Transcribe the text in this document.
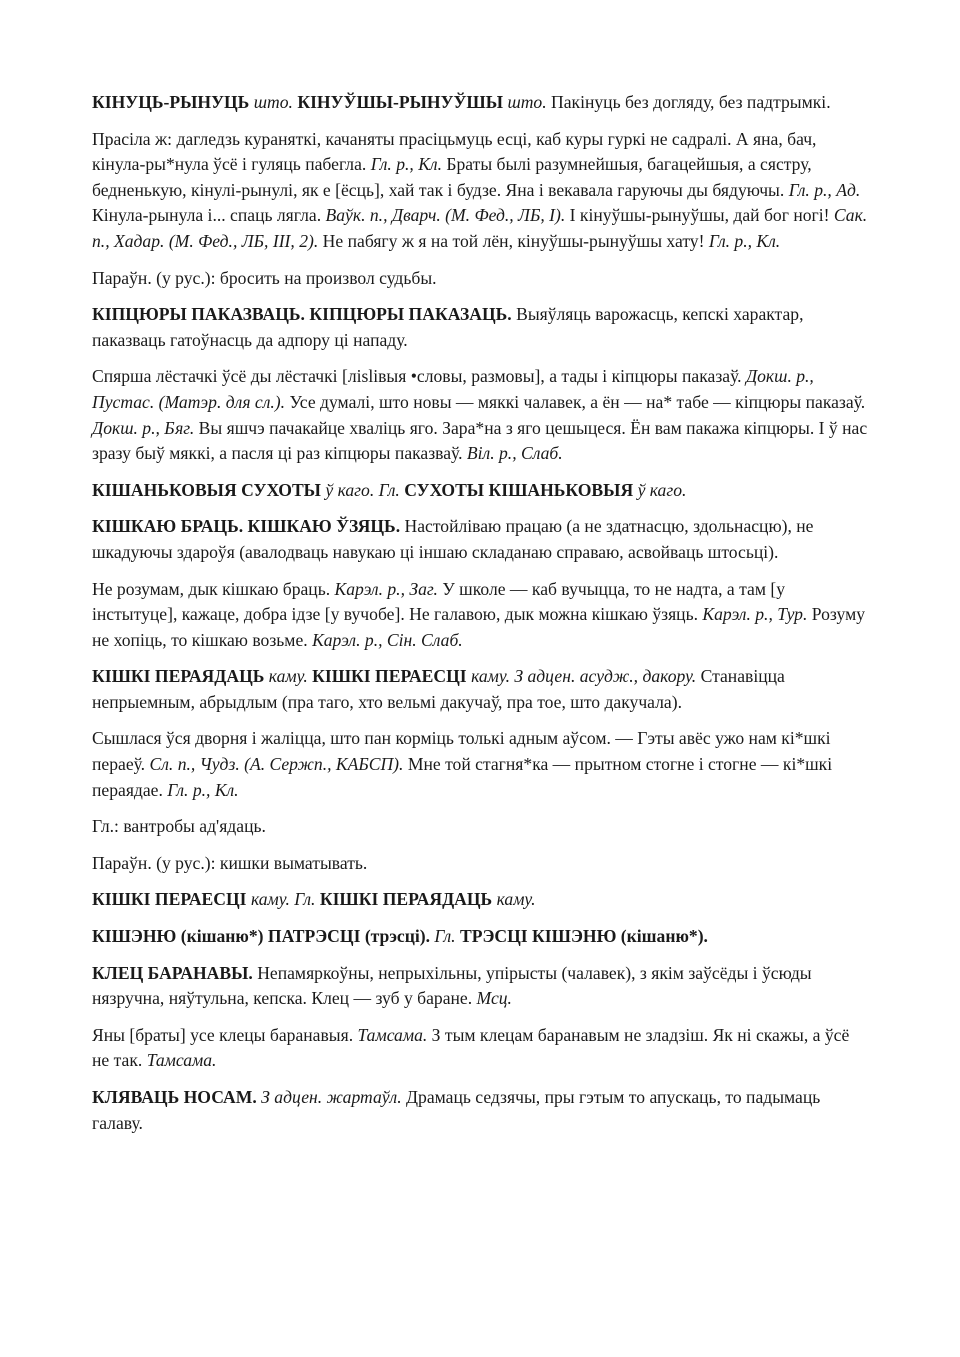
КІНУЦЬ-РЫНУЦЬ што. КІНУЎШЫ-РЫНУЎШЫ што. Пакінуць без догляду, без падтрымкі.

Прасіла ж: дагледзь кураняткі, качаняты прасіцьмуць есці, каб куры гуркі не садралі. А яна, бач, кінула-ры*нула ўсё і гуляць пабегла. Гл. р., Кл. Браты былі разумнейшыя, багацейшыя, а сястру, бедненькую, кінулі-рынулі, як е [ёсць], хай так і будзе. Яна і векавала гаруючы ды бядуючы. Гл. р., Ад. Кінула-рынула і... спаць лягла. Ваўк. п., Дварч. (М. Фед., ЛБ, І). І кінуўшы-рынуўшы, дай бог ногі! Сак. п., Хадар. (М. Фед., ЛБ, ІІІ, 2). Не пабягу ж я на той лён, кінуўшы-рынуўшы хату! Гл. р., Кл.

Параўн. (у рус.): бросить на произвол судьбы.

КІПЦЮРЫ ПАКАЗВАЦЬ. КІПЦЮРЫ ПАКАЗАЦЬ. Выяўляць варожасць, кепскі характар, паказваць гатоўнасць да адпору ці нападу.

Спярша лёстачкі ўсё ды лёстачкі [лislівыя •словы, размовы], а тады і кіпцюры паказаў. Докш. р., Пустас. (Матэр. для сл.). Усе думалі, што новы — мяккі чалавек, а ён — на* табе — кіпцюры паказаў. Докш. р., Бяг. Вы яшчэ пачакайце хваліць яго. Зара*на з яго цешыцеся. Ён вам пакажа кіпцюры. І ў нас зразу быў мяккі, а пасля ці раз кіпцюры паказваў. Віл. р., Слаб.

КІШАНЬКОВЫЯ СУХОТЫ ў каго. Гл. СУХОТЫ КІШАНЬКОВЫЯ ў каго.

КІШКАЮ БРАЦЬ. КІШКАЮ ЎЗЯЦЬ. Настойліваю працаю (а не здатнасцю, здольнасцю), не шкадуючы здароўя (авалодваць навукаю ці іншаю складанаю справаю, асвойваць штосьці).

Не розумам, дык кішкаю браць. Карэл. р., Заг. У школе — каб вучыцца, то не надта, а там [у інстытуце], кажаце, добра ідзе [у вучобе]. Не галавою, дык можна кішкаю ўзяць. Карэл. р., Тур. Розуму не хопіць, то кішкаю возьме. Карэл. р., Сін. Слаб.

КІШКІ ПЕРАЯДАЦЬ каму. КІШКІ ПЕРАЕСЦІ каму. З адцен. асудж., дакору. Станавіцца непрыемным, абрыдлым (пра таго, хто вельмі дакучаў, пра тое, што дакучала).

Сышлася ўся дворня і жаліцца, што пан корміць толькі адным аўсом. — Гэты авёс ужо нам кі*шкі пераеў. Сл. п., Чудз. (А. Сержп., КАБСП). Мне той стагня*ка — прытном стогне і стогне — кі*шкі пераядае. Гл. р., Кл.

Гл.: вантробы ад'ядаць.

Параўн. (у рус.): кишки выматывать.

КІШКІ ПЕРАЕСЦІ каму. Гл. КІШКІ ПЕРАЯДАЦЬ каму.

КІШЭНЮ (кішаню*) ПАТРЭСЦІ (трэсці). Гл. ТРЭСЦІ КІШЭНЮ (кішаню*).

КЛЕЦ БАРАНАВЫ. Непамяркоўны, непрыхільны, упірысты (чалавек), з якім заўсёды і ўсюды нязручна, няўтульна, кепска. Клец — зуб у баране. Мсц.

Яны [браты] усе клецы баранавыя. Тамсама. З тым клецам баранавым не зладзіш. Як ні скажы, а ўсё не так. Тамсама.

КЛЯВАЦЬ НОСАМ. З адцен. жартаўл. Драмаць седзячы, пры гэтым то апускаць, то падымаць галаву.
